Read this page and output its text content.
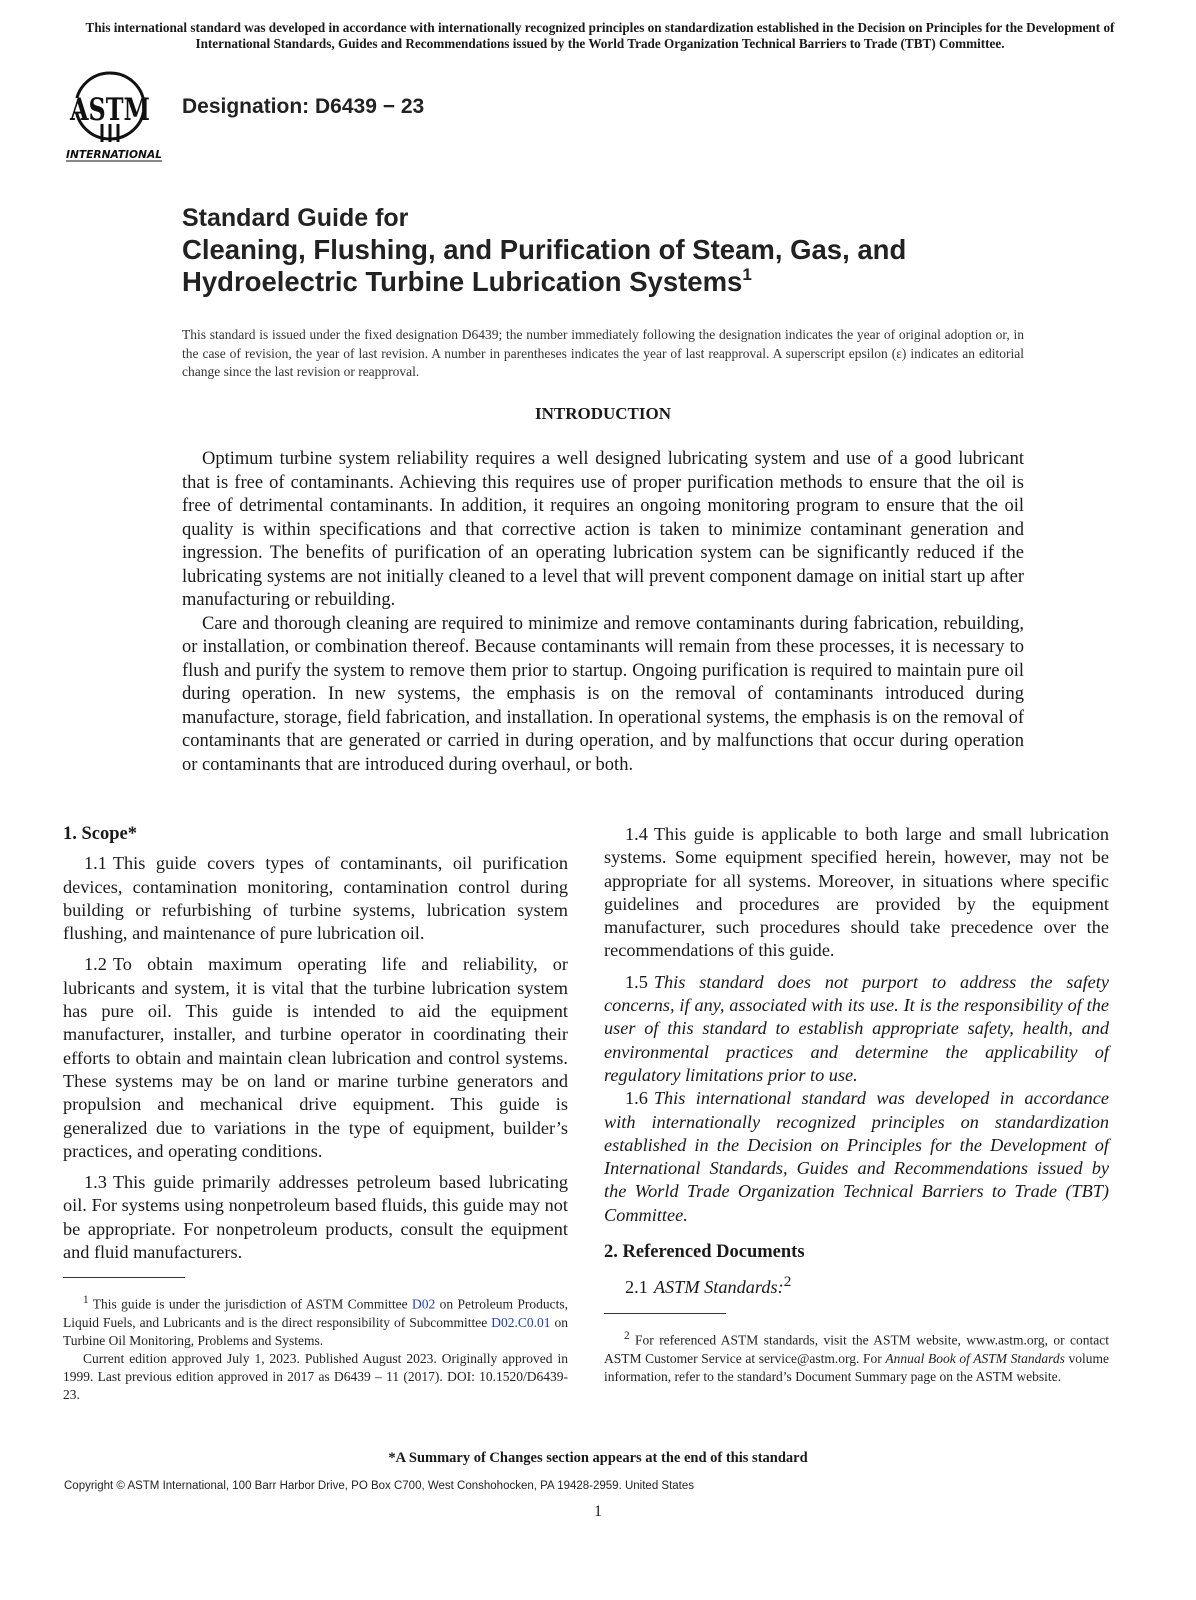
This international standard was developed in accordance with internationally recognized principles on standardization established in the Decision on Principles for the Development of International Standards, Guides and Recommendations issued by the World Trade Organization Technical Barriers to Trade (TBT) Committee.
ASTM
INTERNATIONAL
Designation: D6439 − 23
Standard Guide for
Cleaning, Flushing, and Purification of Steam, Gas, and
Hydroelectric Turbine Lubrication Systems$^1$
This standard is issued under the fixed designation D6439; the number immediately following the designation indicates the year of original adoption or, in the case of revision, the year of last revision. A number in parentheses indicates the year of last reapproval. A superscript epsilon (ε) indicates an editorial change since the last revision or reapproval.
INTRODUCTION

Optimum turbine system reliability requires a well designed lubricating system and use of a good lubricant that is free of contaminants. Achieving this requires use of proper purification methods to ensure that the oil is free of detrimental contaminants. In addition, it requires an ongoing monitoring program to ensure that the oil quality is within specifications and that corrective action is taken to minimize contaminant generation and ingression. The benefits of purification of an operating lubrication system can be significantly reduced if the lubricating systems are not initially cleaned to a level that will prevent component damage on initial start up after manufacturing or rebuilding.

Care and thorough cleaning are required to minimize and remove contaminants during fabrication, rebuilding, or installation, or combination thereof. Because contaminants will remain from these processes, it is necessary to flush and purify the system to remove them prior to startup. Ongoing purification is required to maintain pure oil during operation. In new systems, the emphasis is on the removal of contaminants introduced during manufacture, storage, field fabrication, and installation. In operational systems, the emphasis is on the removal of contaminants that are generated or carried in during operation, and by malfunctions that occur during operation or contaminants that are introduced during overhaul, or both.

1. Scope*

1.1 This guide covers types of contaminants, oil purification devices, contamination monitoring, contamination control during building or refurbishing of turbine systems, lubrication system flushing, and maintenance of pure lubrication oil.

1.2 To obtain maximum operating life and reliability, or lubricants and system, it is vital that the turbine lubrication system has pure oil. This guide is intended to aid the equipment manufacturer, installer, and turbine operator in coordinating their efforts to obtain and maintain clean lubrication and control systems. These systems may be on land or marine turbine generators and propulsion and mechanical drive equipment. This guide is generalized due to variations in the type of equipment, builder’s practices, and operating conditions.

1.3 This guide primarily addresses petroleum based lubricating oil. For systems using nonpetroleum based fluids, this guide may not be appropriate. For nonpetroleum products, consult the equipment and fluid manufacturers.

$^1$ This guide is under the jurisdiction of ASTM Committee D02 on Petroleum Products, Liquid Fuels, and Lubricants and is the direct responsibility of Subcommittee D02.C0.01 on Turbine Oil Monitoring, Problems and Systems.

Current edition approved July 1, 2023. Published August 2023. Originally approved in 1999. Last previous edition approved in 2017 as D6439 – 11 (2017). DOI: 10.1520/D6439-23.

1.4 This guide is applicable to both large and small lubrication systems. Some equipment specified herein, however, may not be appropriate for all systems. Moreover, in situations where specific guidelines and procedures are provided by the equipment manufacturer, such procedures should take precedence over the recommendations of this guide.

1.5 This standard does not purport to address the safety concerns, if any, associated with its use. It is the responsibility of the user of this standard to establish appropriate safety, health, and environmental practices and determine the applicability of regulatory limitations prior to use.

1.6 This international standard was developed in accordance with internationally recognized principles on standardization established in the Decision on Principles for the Development of International Standards, Guides and Recommendations issued by the World Trade Organization Technical Barriers to Trade (TBT) Committee.

2. Referenced Documents

2.1 ASTM Standards:$^2$

$^2$ For referenced ASTM standards, visit the ASTM website, www.astm.org, or contact ASTM Customer Service at service@astm.org. For Annual Book of ASTM Standards volume information, refer to the standard’s Document Summary page on the ASTM website.

*A Summary of Changes section appears at the end of this standard
Copyright © ASTM International, 100 Barr Harbor Drive, PO Box C700, West Conshohocken, PA 19428-2959. United States
1
